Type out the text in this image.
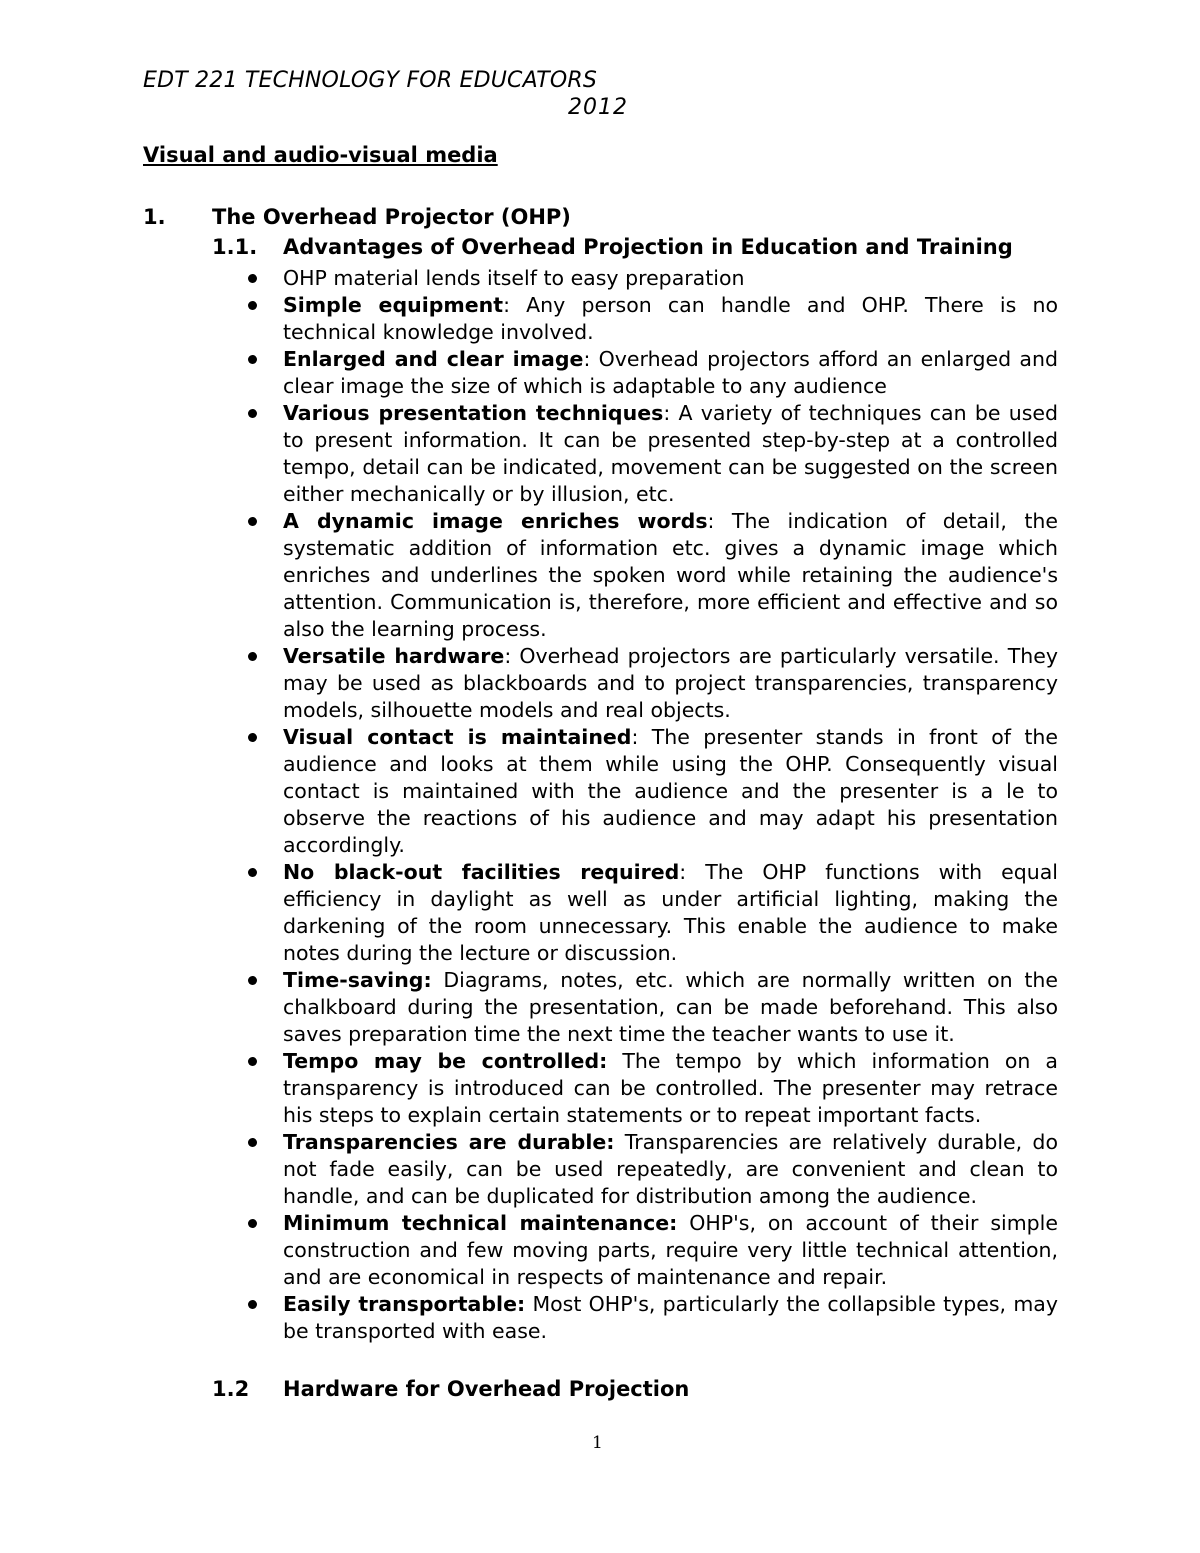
EDT 221 TECHNOLOGY FOR EDUCATORS
2012
Visual and audio-visual media
1. The Overhead Projector (OHP)
1.1. Advantages of Overhead Projection in Education and Training
OHP material lends itself to easy preparation
Simple equipment: Any person can handle and OHP. There is no technical knowledge involved.
Enlarged and clear image: Overhead projectors afford an enlarged and clear image the size of which is adaptable to any audience
Various presentation techniques: A variety of techniques can be used to present information. It can be presented step-by-step at a controlled tempo, detail can be indicated, movement can be suggested on the screen either mechanically or by illusion, etc.
A dynamic image enriches words: The indication of detail, the systematic addition of information etc. gives a dynamic image which enriches and underlines the spoken word while retaining the audience's attention. Communication is, therefore, more efficient and effective and so also the learning process.
Versatile hardware: Overhead projectors are particularly versatile. They may be used as blackboards and to project transparencies, transparency models, silhouette models and real objects.
Visual contact is maintained: The presenter stands in front of the audience and looks at them while using the OHP. Consequently visual contact is maintained with the audience and the presenter is a le to observe the reactions of his audience and may adapt his presentation accordingly.
No black-out facilities required: The OHP functions with equal efficiency in daylight as well as under artificial lighting, making the darkening of the room unnecessary. This enable the audience to make notes during the lecture or discussion.
Time-saving: Diagrams, notes, etc. which are normally written on the chalkboard during the presentation, can be made beforehand. This also saves preparation time the next time the teacher wants to use it.
Tempo may be controlled: The tempo by which information on a transparency is introduced can be controlled. The presenter may retrace his steps to explain certain statements or to repeat important facts.
Transparencies are durable: Transparencies are relatively durable, do not fade easily, can be used repeatedly, are convenient and clean to handle, and can be duplicated for distribution among the audience.
Minimum technical maintenance: OHP's, on account of their simple construction and few moving parts, require very little technical attention, and are economical in respects of maintenance and repair.
Easily transportable: Most OHP's, particularly the collapsible types, may be transported with ease.
1.2 Hardware for Overhead Projection
1
